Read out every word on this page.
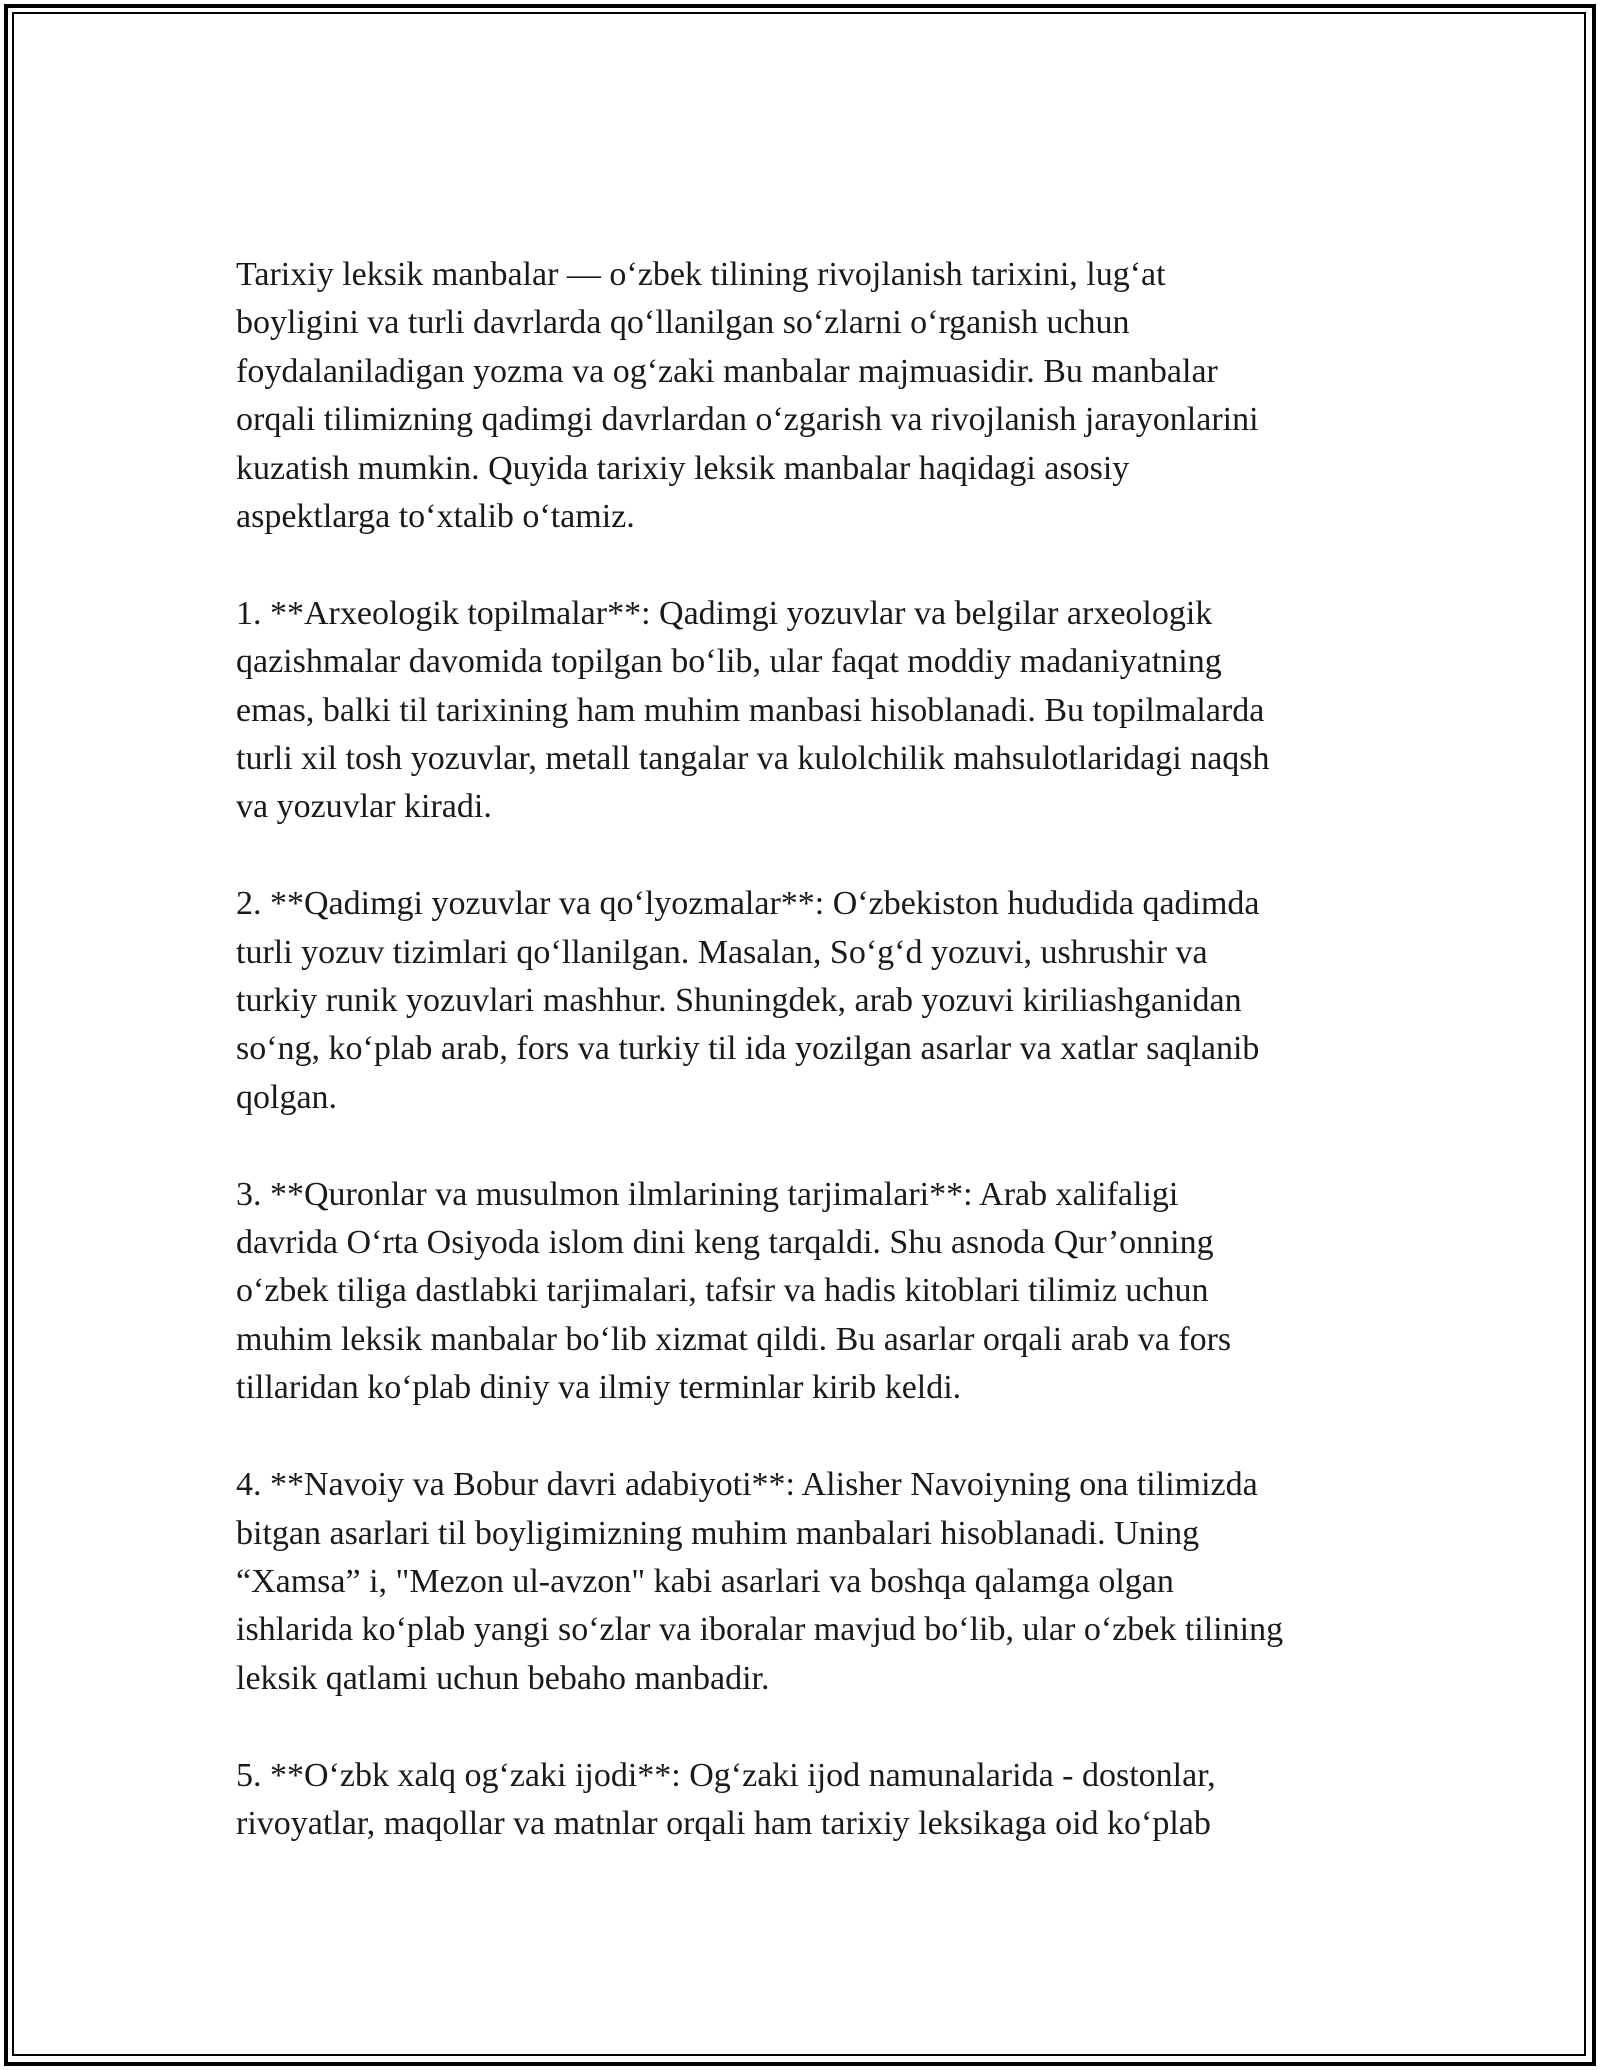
Tarixiy leksik manbalar — o‘zbek tilining rivojlanish tarixini, lug‘at
boyligini va turli davrlarda qo‘llanilgan so‘zlarni o‘rganish uchun
foydalaniladigan yozma va og‘zaki manbalar majmuasidir. Bu manbalar
orqali tilimizning qadimgi davrlardan o‘zgarish va rivojlanish jarayonlarini
kuzatish mumkin. Quyida tarixiy leksik manbalar haqidagi asosiy
aspektlarga to‘xtalib o‘tamiz.

1. **Arxeologik topilmalar**: Qadimgi yozuvlar va belgilar arxeologik
qazishmalar davomida topilgan bo‘lib, ular faqat moddiy madaniyatning
emas, balki til tarixining ham muhim manbasi hisoblanadi. Bu topilmalarda
turli xil tosh yozuvlar, metall tangalar va kulolchilik mahsulotlaridagi naqsh
va yozuvlar kiradi.

2. **Qadimgi yozuvlar va qo‘lyozmalar**: O‘zbekiston hududida qadimda
turli yozuv tizimlari qo‘llanilgan. Masalan, So‘g‘d yozuvi, ushrushir va
turkiy runik yozuvlari mashhur. Shuningdek, arab yozuvi kiriliashganidan
so‘ng, ko‘plab arab, fors va turkiy til ida yozilgan asarlar va xatlar saqlanib
qolgan.

3. **Quronlar va musulmon ilmlarining tarjimalari**: Arab xalifaligi
davrida O‘rta Osiyoda islom dini keng tarqaldi. Shu asnoda Qur’onning
o‘zbek tiliga dastlabki tarjimalari, tafsir va hadis kitoblari tilimiz uchun
muhim leksik manbalar bo‘lib xizmat qildi. Bu asarlar orqali arab va fors
tillaridan ko‘plab diniy va ilmiy terminlar kirib keldi.

4. **Navoiy va Bobur davri adabiyoti**: Alisher Navoiyning ona tilimizda
bitgan asarlari til boyligimizning muhim manbalari hisoblanadi. Uning
“Xamsa” i, "Mezon ul-avzon" kabi asarlari va boshqa qalamga olgan
ishlarida ko‘plab yangi so‘zlar va iboralar mavjud bo‘lib, ular o‘zbek tilining
leksik qatlami uchun bebaho manbadir.

5. **O‘zbk xalq og‘zaki ijodi**: Og‘zaki ijod namunalarida - dostonlar,
rivoyatlar, maqollar va matnlar orqali ham tarixiy leksikaga oid ko‘plab
